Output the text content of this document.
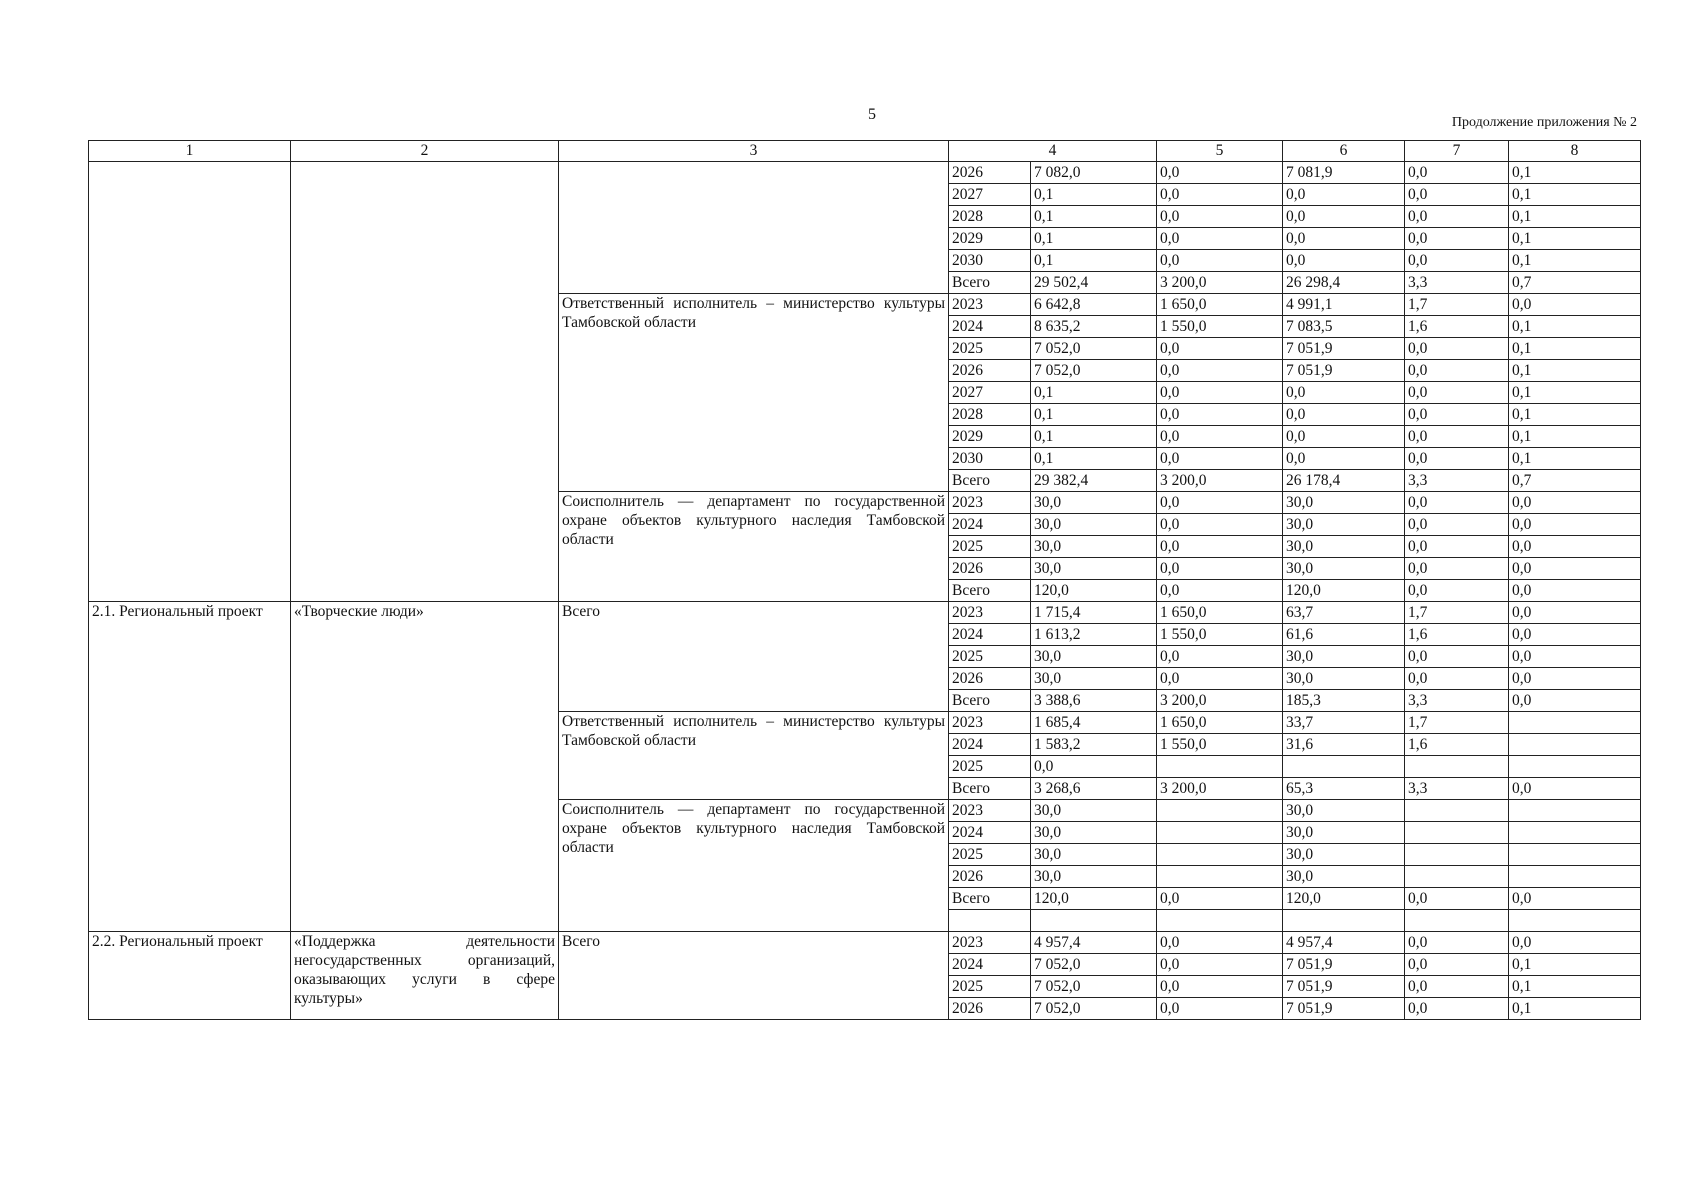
5	Продолжение приложения № 2
1	2	3	4		5	6	7	8
			2026	7 082,0	0,0	7 081,9	0,0	0,1
			2027	0,1	0,0	0,0	0,0	0,1
			2028	0,1	0,0	0,0	0,0	0,1
			2029	0,1	0,0	0,0	0,0	0,1
			2030	0,1	0,0	0,0	0,0	0,1
			Всего	29 502,4	3 200,0	26 298,4	3,3	0,7
		Ответственный исполнитель – министерство культуры Тамбовской области	2023	6 642,8	1 650,0	4 991,1	1,7	0,0
			2024	8 635,2	1 550,0	7 083,5	1,6	0,1
			2025	7 052,0	0,0	7 051,9	0,0	0,1
			2026	7 052,0	0,0	7 051,9	0,0	0,1
			2027	0,1	0,0	0,0	0,0	0,1
			2028	0,1	0,0	0,0	0,0	0,1
			2029	0,1	0,0	0,0	0,0	0,1
			2030	0,1	0,0	0,0	0,0	0,1
			Всего	29 382,4	3 200,0	26 178,4	3,3	0,7
		Соисполнитель — департамент по государственной охране объектов культурного наследия Тамбовской области	2023	30,0	0,0	30,0	0,0	0,0
			2024	30,0	0,0	30,0	0,0	0,0
			2025	30,0	0,0	30,0	0,0	0,0
			2026	30,0	0,0	30,0	0,0	0,0
			Всего	120,0	0,0	120,0	0,0	0,0
2.1. Региональный проект	«Творческие люди»	Всего	2023	1 715,4	1 650,0	63,7	1,7	0,0
			2024	1 613,2	1 550,0	61,6	1,6	0,0
			2025	30,0	0,0	30,0	0,0	0,0
			2026	30,0	0,0	30,0	0,0	0,0
			Всего	3 388,6	3 200,0	185,3	3,3	0,0
		Ответственный исполнитель – министерство культуры Тамбовской области	2023	1 685,4	1 650,0	33,7	1,7	
			2024	1 583,2	1 550,0	31,6	1,6	
			2025	0,0				
			Всего	3 268,6	3 200,0	65,3	3,3	0,0
		Соисполнитель — департамент по государственной охране объектов культурного наследия Тамбовской области	2023	30,0		30,0		
			2024	30,0		30,0		
			2025	30,0		30,0		
			2026	30,0		30,0		
			Всего	120,0	0,0	120,0	0,0	0,0

2.2. Региональный проект	«Поддержка деятельности негосударственных организаций, оказывающих услуги в сфере культуры»	Всего	2023	4 957,4	0,0	4 957,4	0,0	0,0
			2024	7 052,0	0,0	7 051,9	0,0	0,1
			2025	7 052,0	0,0	7 051,9	0,0	0,1
			2026	7 052,0	0,0	7 051,9	0,0	0,1
